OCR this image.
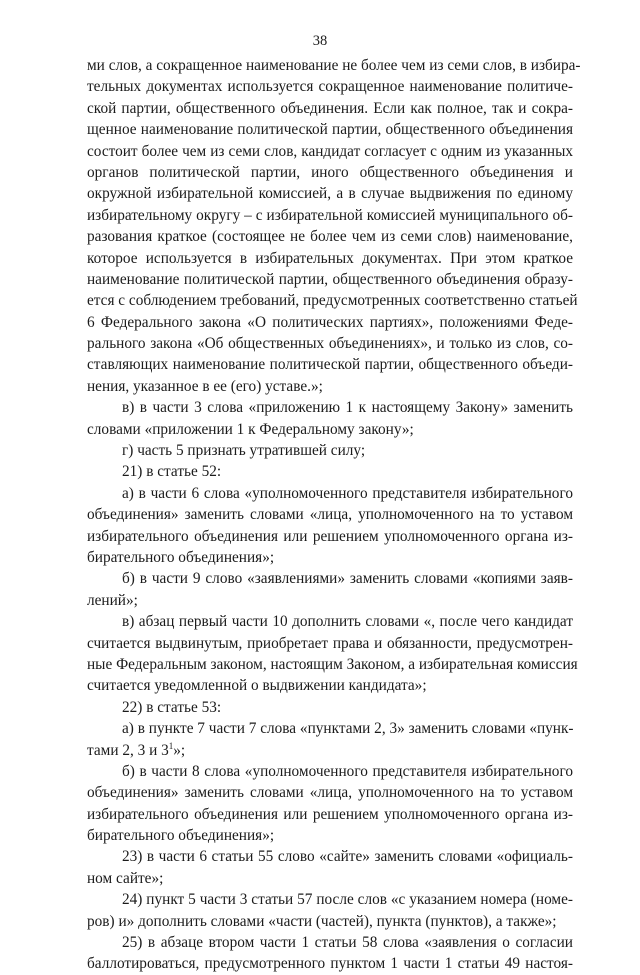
38
ми слов, а сокращенное наименование не более чем из семи слов, в избира-
тельных документах используется сокращенное наименование политиче-
ской партии, общественного объединения. Если как полное, так и сокра-
щенное наименование политической партии, общественного объединения
состоит более чем из семи слов, кандидат согласует с одним из указанных
органов политической партии, иного общественного объединения и
окружной избирательной комиссией, а в случае выдвижения по единому
избирательному округу – с избирательной комиссией муниципального об-
разования краткое (состоящее не более чем из семи слов) наименование,
которое используется в избирательных документах. При этом краткое
наименование политической партии, общественного объединения образу-
ется с соблюдением требований, предусмотренных соответственно статьей
6 Федерального закона «О политических партиях», положениями Феде-
рального закона «Об общественных объединениях», и только из слов, со-
ставляющих наименование политической партии, общественного объеди-
нения, указанное в ее (его) уставе.»;
в) в части 3 слова «приложению 1 к настоящему Закону» заменить
словами «приложении 1 к Федеральному закону»;
г) часть 5 признать утратившей силу;
21) в статье 52:
а) в части 6 слова «уполномоченного представителя избирательного
объединения» заменить словами «лица, уполномоченного на то уставом
избирательного объединения или решением уполномоченного органа из-
бирательного объединения»;
б) в части 9 слово «заявлениями» заменить словами «копиями заяв-
лений»;
в) абзац первый части 10 дополнить словами «, после чего кандидат
считается выдвинутым, приобретает права и обязанности, предусмотрен-
ные Федеральным законом, настоящим Законом, а избирательная комиссия
считается уведомленной о выдвижении кандидата»;
22) в статье 53:
а) в пункте 7 части 7 слова «пунктами 2, 3» заменить словами «пунк-
тами 2, 3 и $3^1$»;
б) в части 8 слова «уполномоченного представителя избирательного
объединения» заменить словами «лица, уполномоченного на то уставом
избирательного объединения или решением уполномоченного органа из-
бирательного объединения»;
23) в части 6 статьи 55 слово «сайте» заменить словами «официаль-
ном сайте»;
24) пункт 5 части 3 статьи 57 после слов «с указанием номера (номе-
ров) и» дополнить словами «части (частей), пункта (пунктов), а также»;
25) в абзаце втором части 1 статьи 58 слова «заявления о согласии
баллотироваться, предусмотренного пунктом 1 части 1 статьи 49 настоя-
